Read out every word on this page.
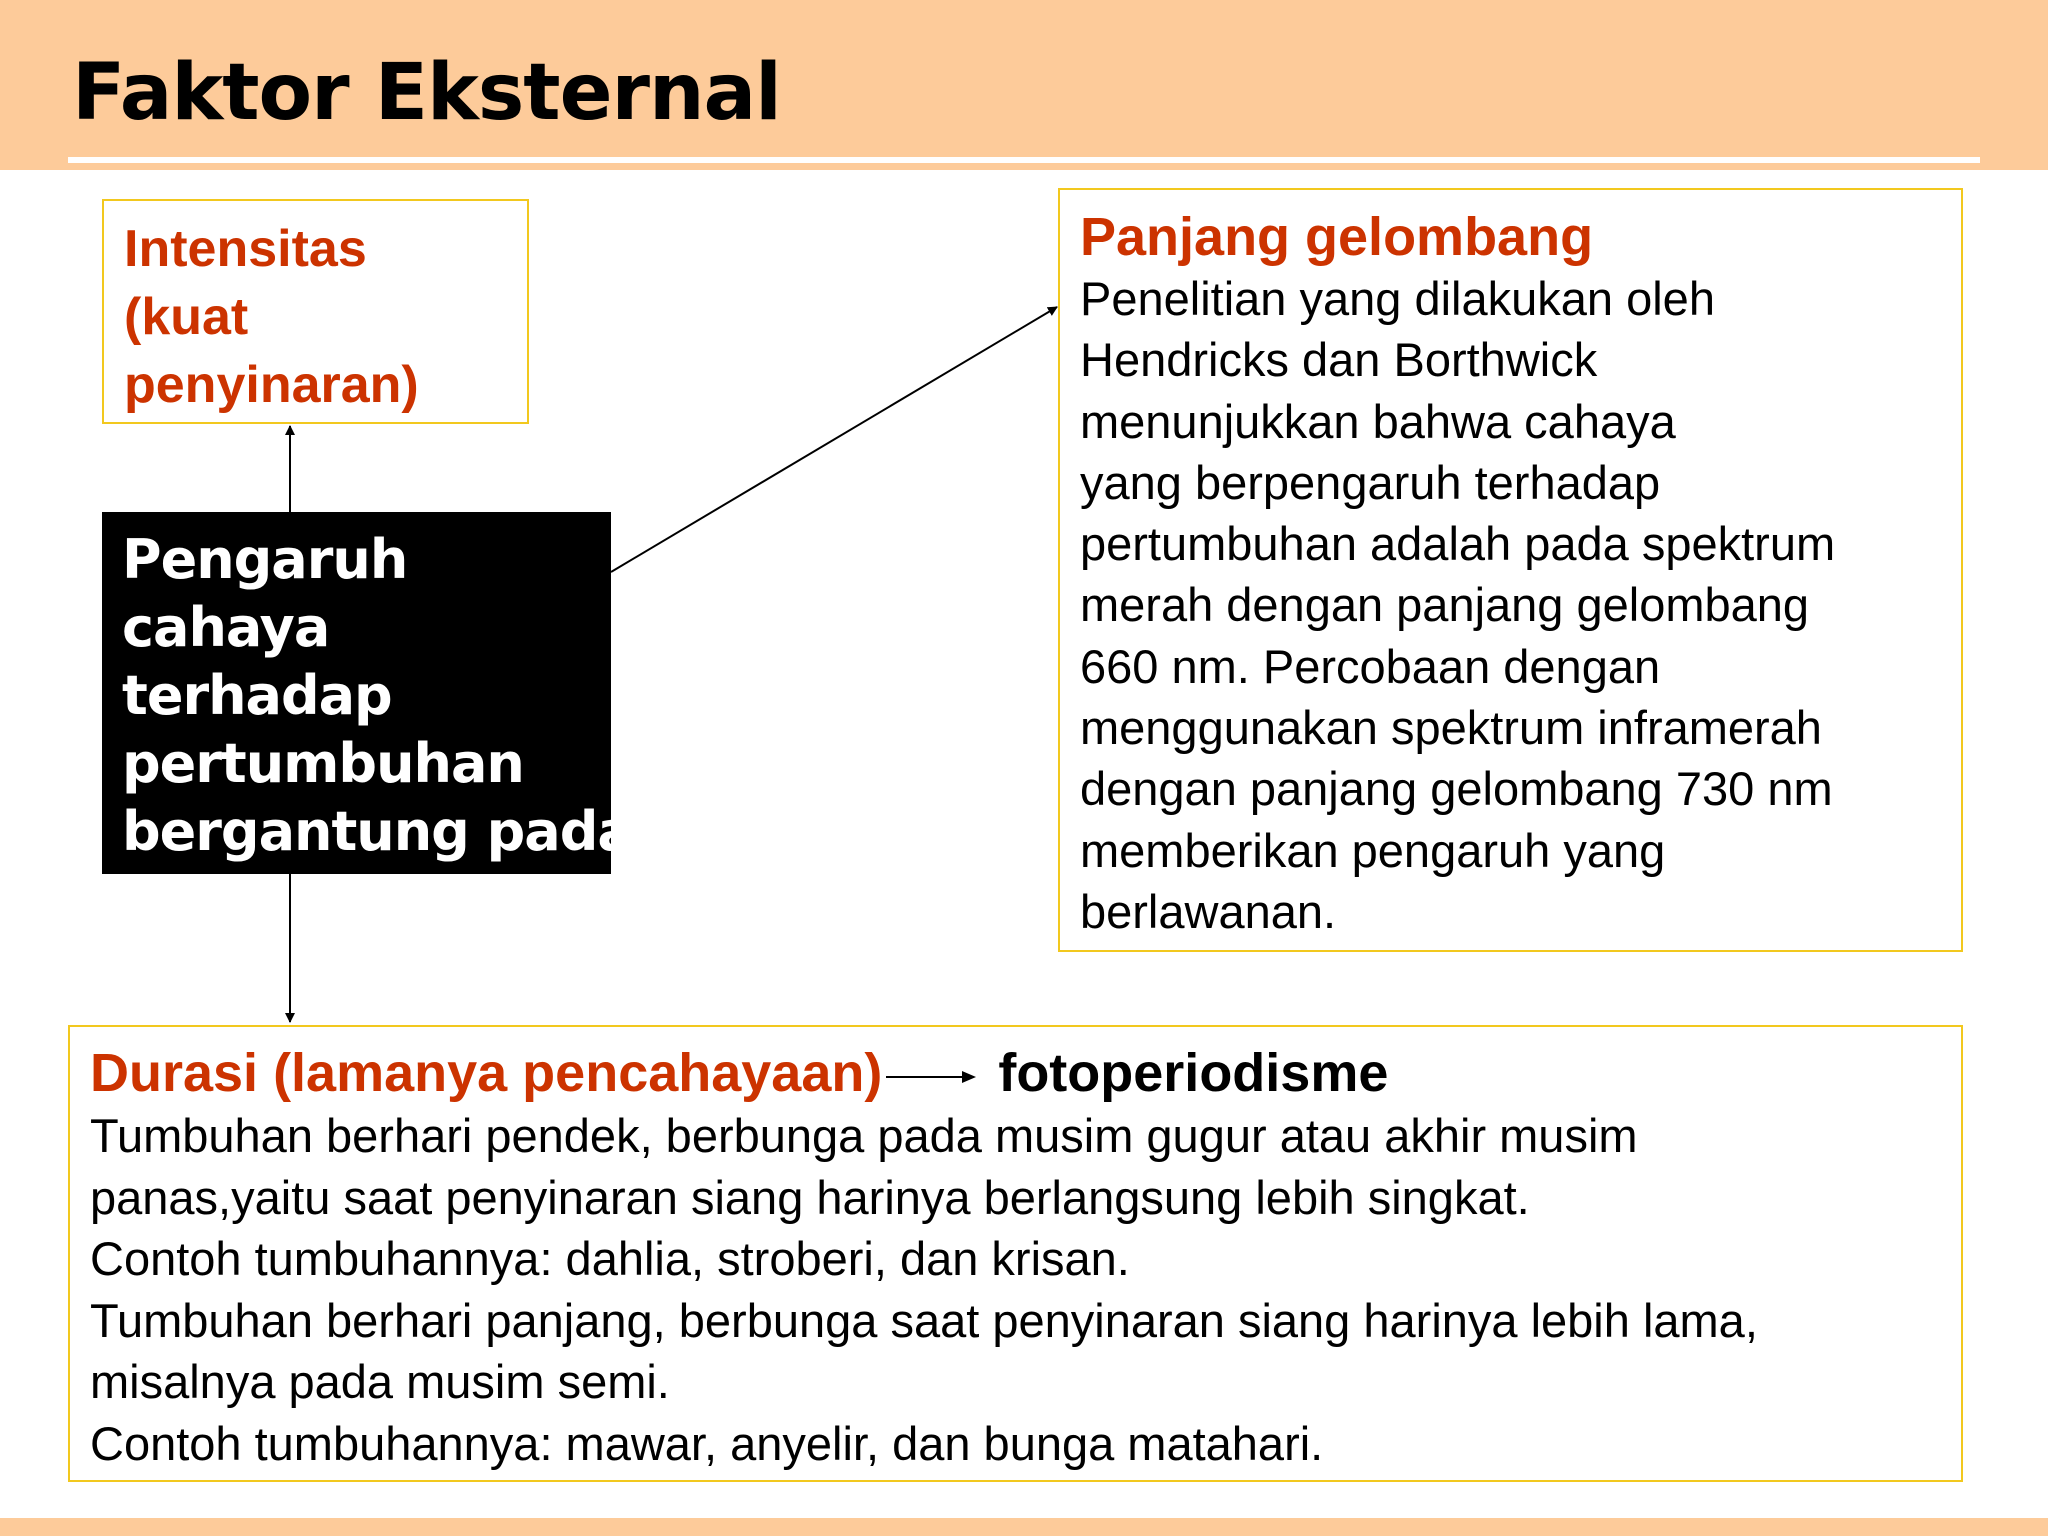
Faktor Eksternal
Intensitas
(kuat
penyinaran)
Pengaruh
cahaya
terhadap
pertumbuhan
bergantung pada
Panjang gelombang
Penelitian yang dilakukan oleh
Hendricks dan Borthwick
menunjukkan bahwa cahaya
yang berpengaruh terhadap
pertumbuhan adalah pada spektrum
merah dengan panjang gelombang
660 nm. Percobaan dengan
menggunakan spektrum inframerah
dengan panjang gelombang 730 nm
memberikan pengaruh yang
berlawanan.
Durasi (lamanya pencahayaan) fotoperiodisme
Tumbuhan berhari pendek, berbunga pada musim gugur atau akhir musim
panas,yaitu saat penyinaran siang harinya berlangsung lebih singkat.
Contoh tumbuhannya: dahlia, stroberi, dan krisan.
Tumbuhan berhari panjang, berbunga saat penyinaran siang harinya lebih lama,
misalnya pada musim semi.
Contoh tumbuhannya: mawar, anyelir, dan bunga matahari.
